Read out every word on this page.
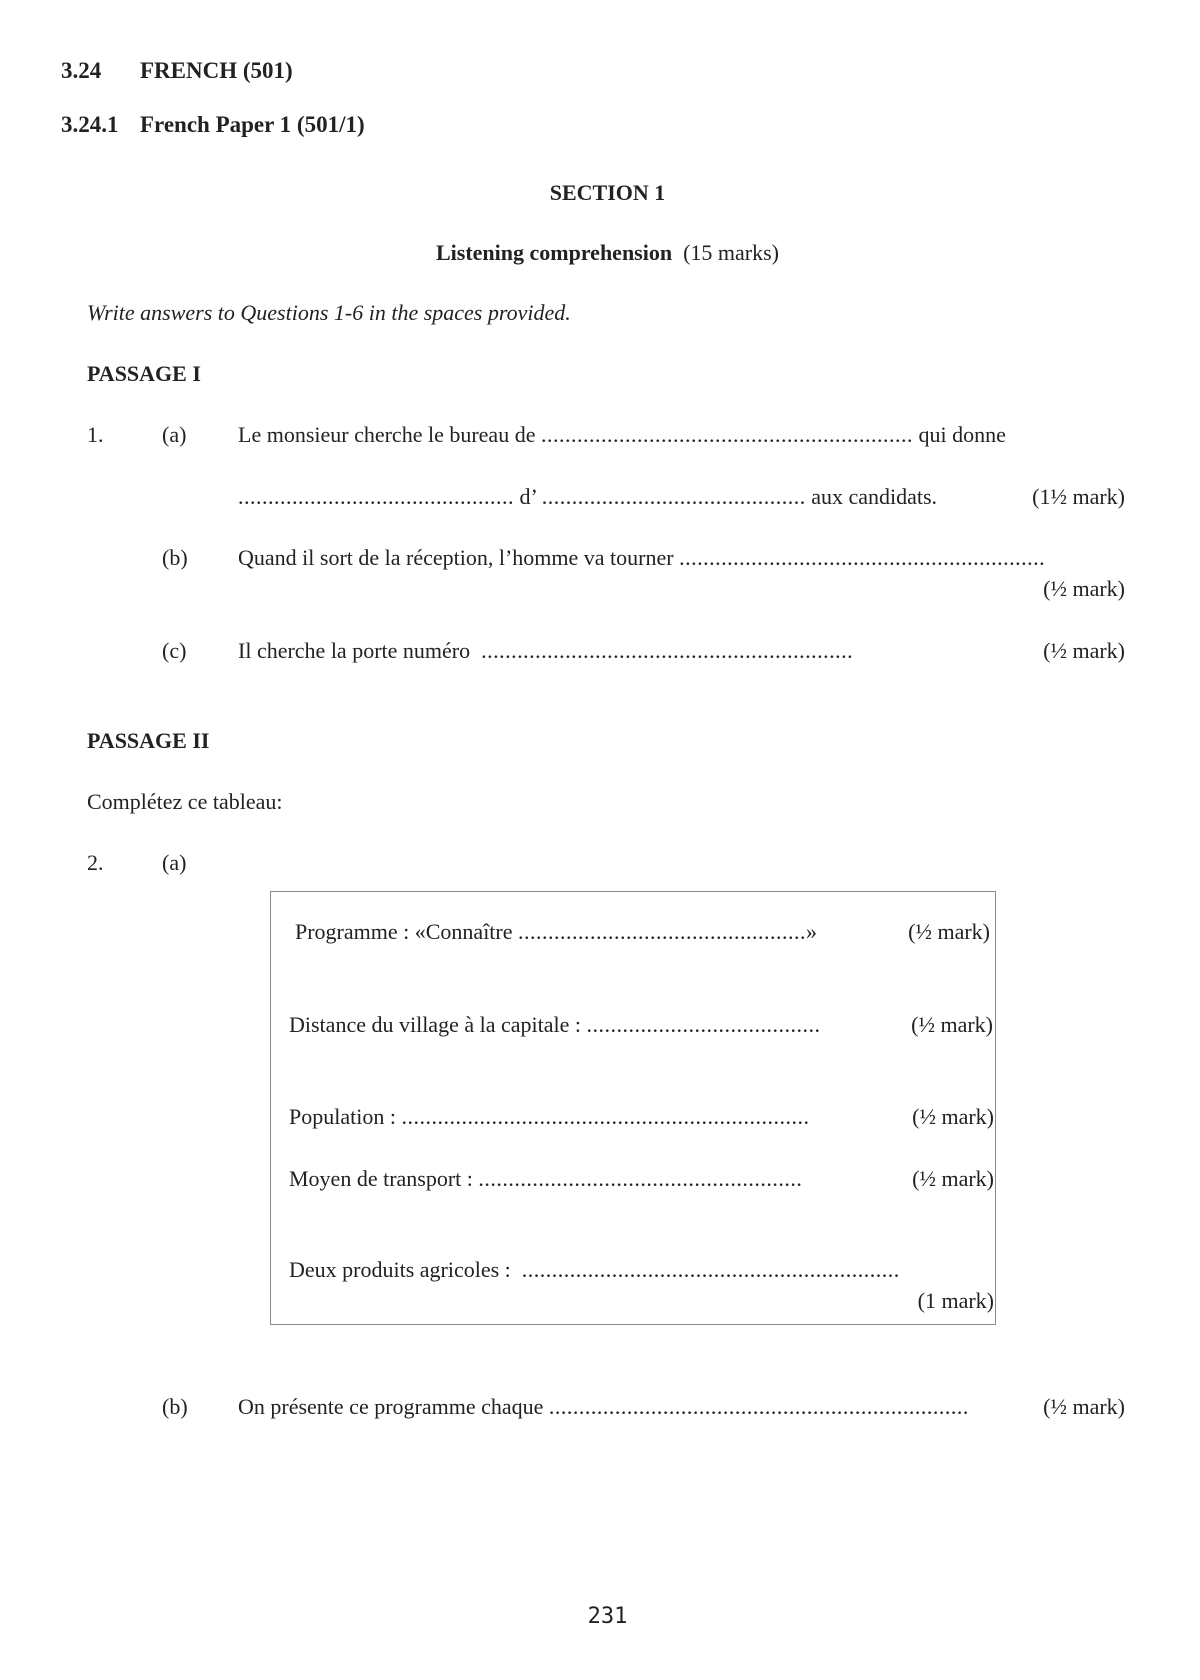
3.24 FRENCH (501)
3.24.1 French Paper 1 (501/1)
SECTION 1
Listening comprehension (15 marks)
Write answers to Questions 1-6 in the spaces provided.
PASSAGE I
1.	(a) Le monsieur cherche le bureau de .............................................................. qui donne
.............................................. d’ ............................................ aux candidats.	(1½ mark)
(b) Quand il sort de la réception, l’homme va tourner .............................................................
(½ mark)
(c) Il cherche la porte numéro ..............................................................	(½ mark)
PASSAGE II
Complétez ce tableau:
2.	(a)
Programme : «Connaître ................................................»	(½ mark)
Distance du village à la capitale : .......................................	(½ mark)
Population : ....................................................................	(½ mark)
Moyen de transport : ......................................................	(½ mark)
Deux produits agricoles : ...............................................................
(1 mark)
(b) On présente ce programme chaque ......................................................................	(½ mark)
231
